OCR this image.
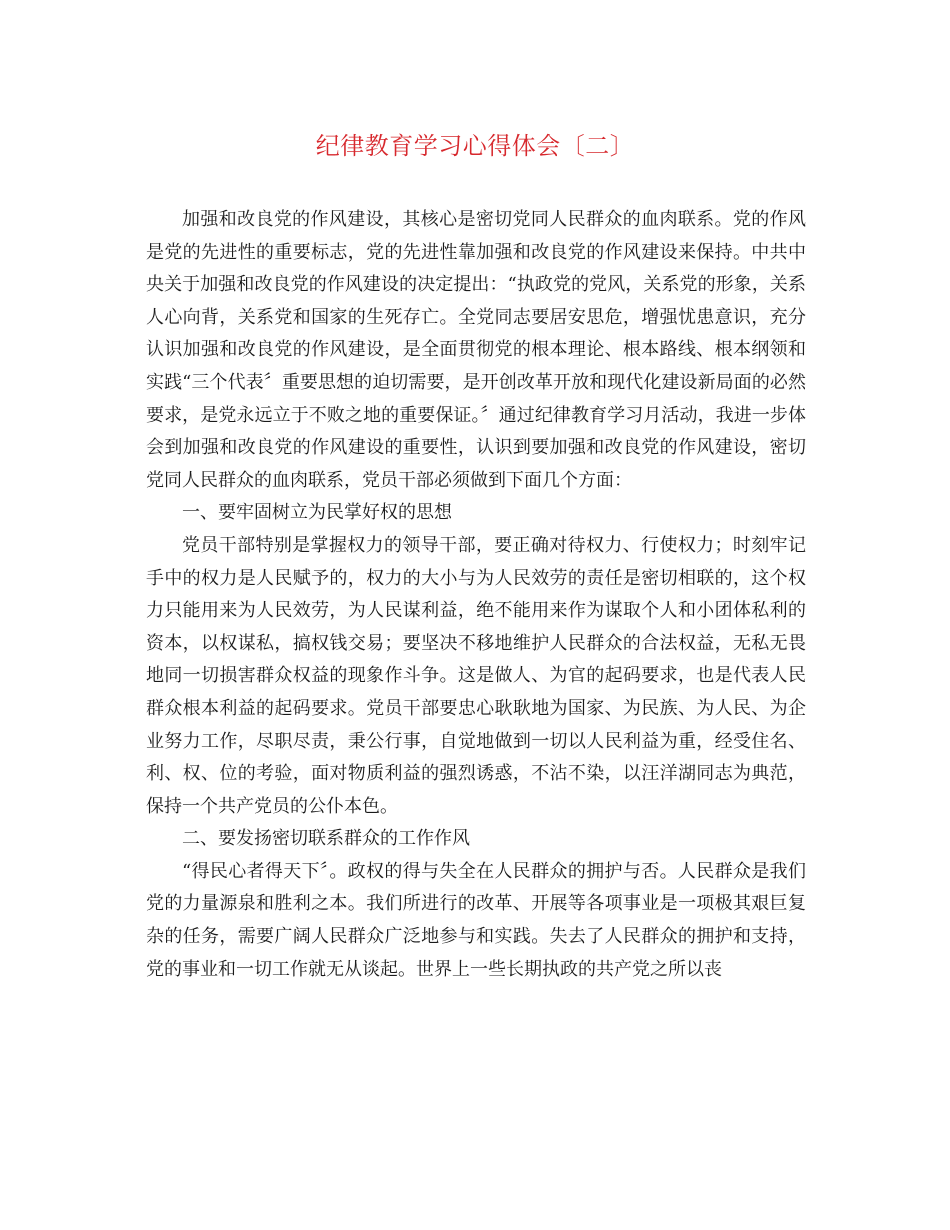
纪律教育学习心得体会〔二〕

加强和改良党的作风建设，其核心是密切党同人民群众的血肉联系。党的作风是党的先进性的重要标志，党的先进性靠加强和改良党的作风建设来保持。中共中央关于加强和改良党的作风建设的决定提出：“执政党的党风，关系党的形象，关系人心向背，关系党和国家的生死存亡。全党同志要居安思危，增强忧患意识，充分认识加强和改良党的作风建设，是全面贯彻党的根本理论、根本路线、根本纲领和实践“三个代表〞重要思想的迫切需要，是开创改革开放和现代化建设新局面的必然要求，是党永远立于不败之地的重要保证。〞通过纪律教育学习月活动，我进一步体会到加强和改良党的作风建设的重要性，认识到要加强和改良党的作风建设，密切党同人民群众的血肉联系，党员干部必须做到下面几个方面：

一、要牢固树立为民掌好权的思想

党员干部特别是掌握权力的领导干部，要正确对待权力、行使权力；时刻牢记手中的权力是人民赋予的，权力的大小与为人民效劳的责任是密切相联的，这个权力只能用来为人民效劳，为人民谋利益，绝不能用来作为谋取个人和小团体私利的资本，以权谋私，搞权钱交易；要坚决不移地维护人民群众的合法权益，无私无畏地同一切损害群众权益的现象作斗争。这是做人、为官的起码要求，也是代表人民群众根本利益的起码要求。党员干部要忠心耿耿地为国家、为民族、为人民、为企业努力工作，尽职尽责，秉公行事，自觉地做到一切以人民利益为重，经受住名、利、权、位的考验，面对物质利益的强烈诱惑，不沾不染，以汪洋湖同志为典范，保持一个共产党员的公仆本色。

二、要发扬密切联系群众的工作作风

“得民心者得天下〞。政权的得与失全在人民群众的拥护与否。人民群众是我们党的力量源泉和胜利之本。我们所进行的改革、开展等各项事业是一项极其艰巨复杂的任务，需要广阔人民群众广泛地参与和实践。失去了人民群众的拥护和支持，党的事业和一切工作就无从谈起。世界上一些长期执政的共产党之所以丧
